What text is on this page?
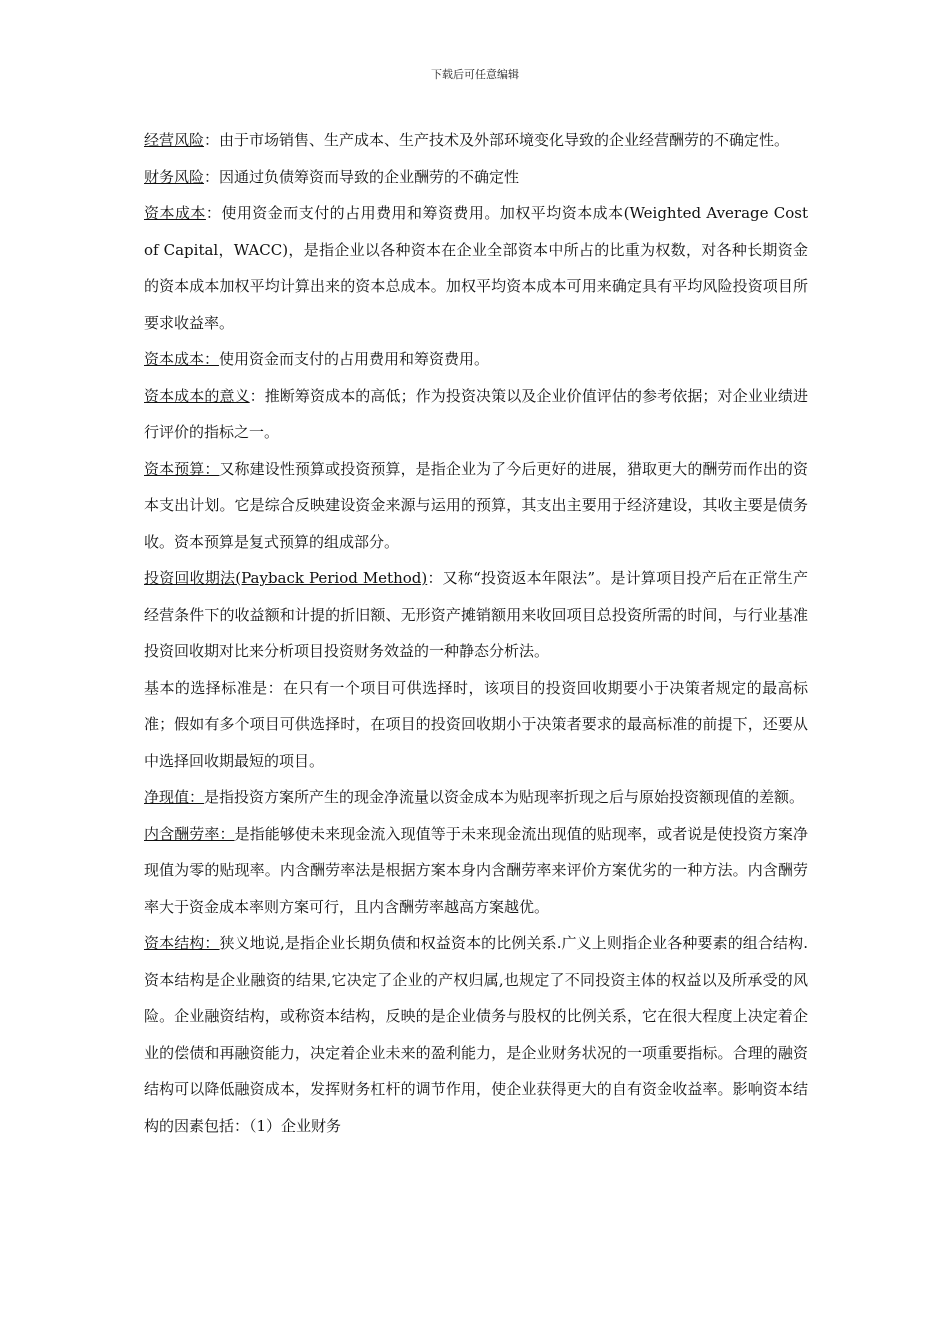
下载后可任意编辑

经营风险：由于市场销售、生产成本、生产技术及外部环境变化导致的企业经营酬劳的不确定性。

财务风险：因通过负债筹资而导致的企业酬劳的不确定性

资本成本：使用资金而支付的占用费用和筹资费用。加权平均资本成本(Weighted Average Cost of Capital，WACC)，是指企业以各种资本在企业全部资本中所占的比重为权数，对各种长期资金的资本成本加权平均计算出来的资本总成本。加权平均资本成本可用来确定具有平均风险投资项目所要求收益率。

资本成本：使用资金而支付的占用费用和筹资费用。

资本成本的意义：推断筹资成本的高低；作为投资决策以及企业价值评估的参考依据；对企业业绩进行评价的指标之一。

资本预算：又称建设性预算或投资预算，是指企业为了今后更好的进展，猎取更大的酬劳而作出的资本支出计划。它是综合反映建设资金来源与运用的预算，其支出主要用于经济建设，其收主要是债务收。资本预算是复式预算的组成部分。

投资回收期法(Payback Period Method)：又称“投资返本年限法”。是计算项目投产后在正常生产经营条件下的收益额和计提的折旧额、无形资产摊销额用来收回项目总投资所需的时间，与行业基准投资回收期对比来分析项目投资财务效益的一种静态分析法。

基本的选择标准是：在只有一个项目可供选择时，该项目的投资回收期要小于决策者规定的最高标准；假如有多个项目可供选择时，在项目的投资回收期小于决策者要求的最高标准的前提下，还要从中选择回收期最短的项目。

净现值：是指投资方案所产生的现金净流量以资金成本为贴现率折现之后与原始投资额现值的差额。

内含酬劳率：是指能够使未来现金流入现值等于未来现金流出现值的贴现率，或者说是使投资方案净现值为零的贴现率。内含酬劳率法是根据方案本身内含酬劳率来评价方案优劣的一种方法。内含酬劳率大于资金成本率则方案可行，且内含酬劳率越高方案越优。

资本结构：狭义地说,是指企业长期负债和权益资本的比例关系.广义上则指企业各种要素的组合结构.资本结构是企业融资的结果,它决定了企业的产权归属,也规定了不同投资主体的权益以及所承受的风险。企业融资结构，或称资本结构，反映的是企业债务与股权的比例关系，它在很大程度上决定着企业的偿债和再融资能力，决定着企业未来的盈利能力，是企业财务状况的一项重要指标。合理的融资结构可以降低融资成本，发挥财务杠杆的调节作用，使企业获得更大的自有资金收益率。影响资本结构的因素包括：（1）企业财务
